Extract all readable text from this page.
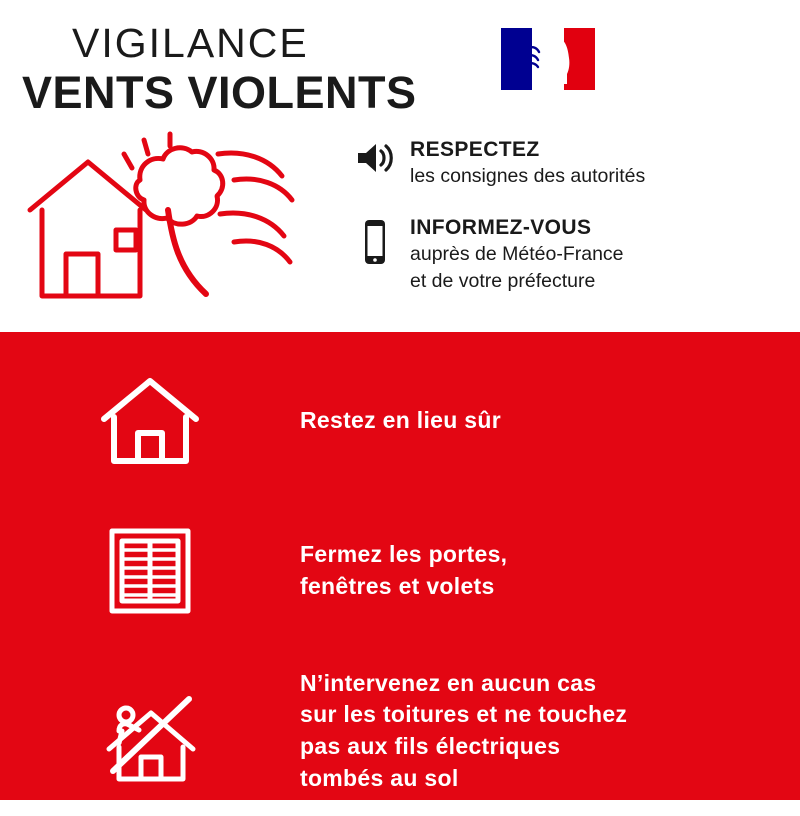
VIGILANCE
VENTS VIOLENTS
RESPECTEZ
les consignes des autorités
INFORMEZ-VOUS
auprès de Météo-France
et de votre préfecture
Restez en lieu sûr
Fermez les portes,
fenêtres et volets
N’intervenez en aucun cas
sur les toitures et ne touchez
pas aux fils électriques
tombés au sol
